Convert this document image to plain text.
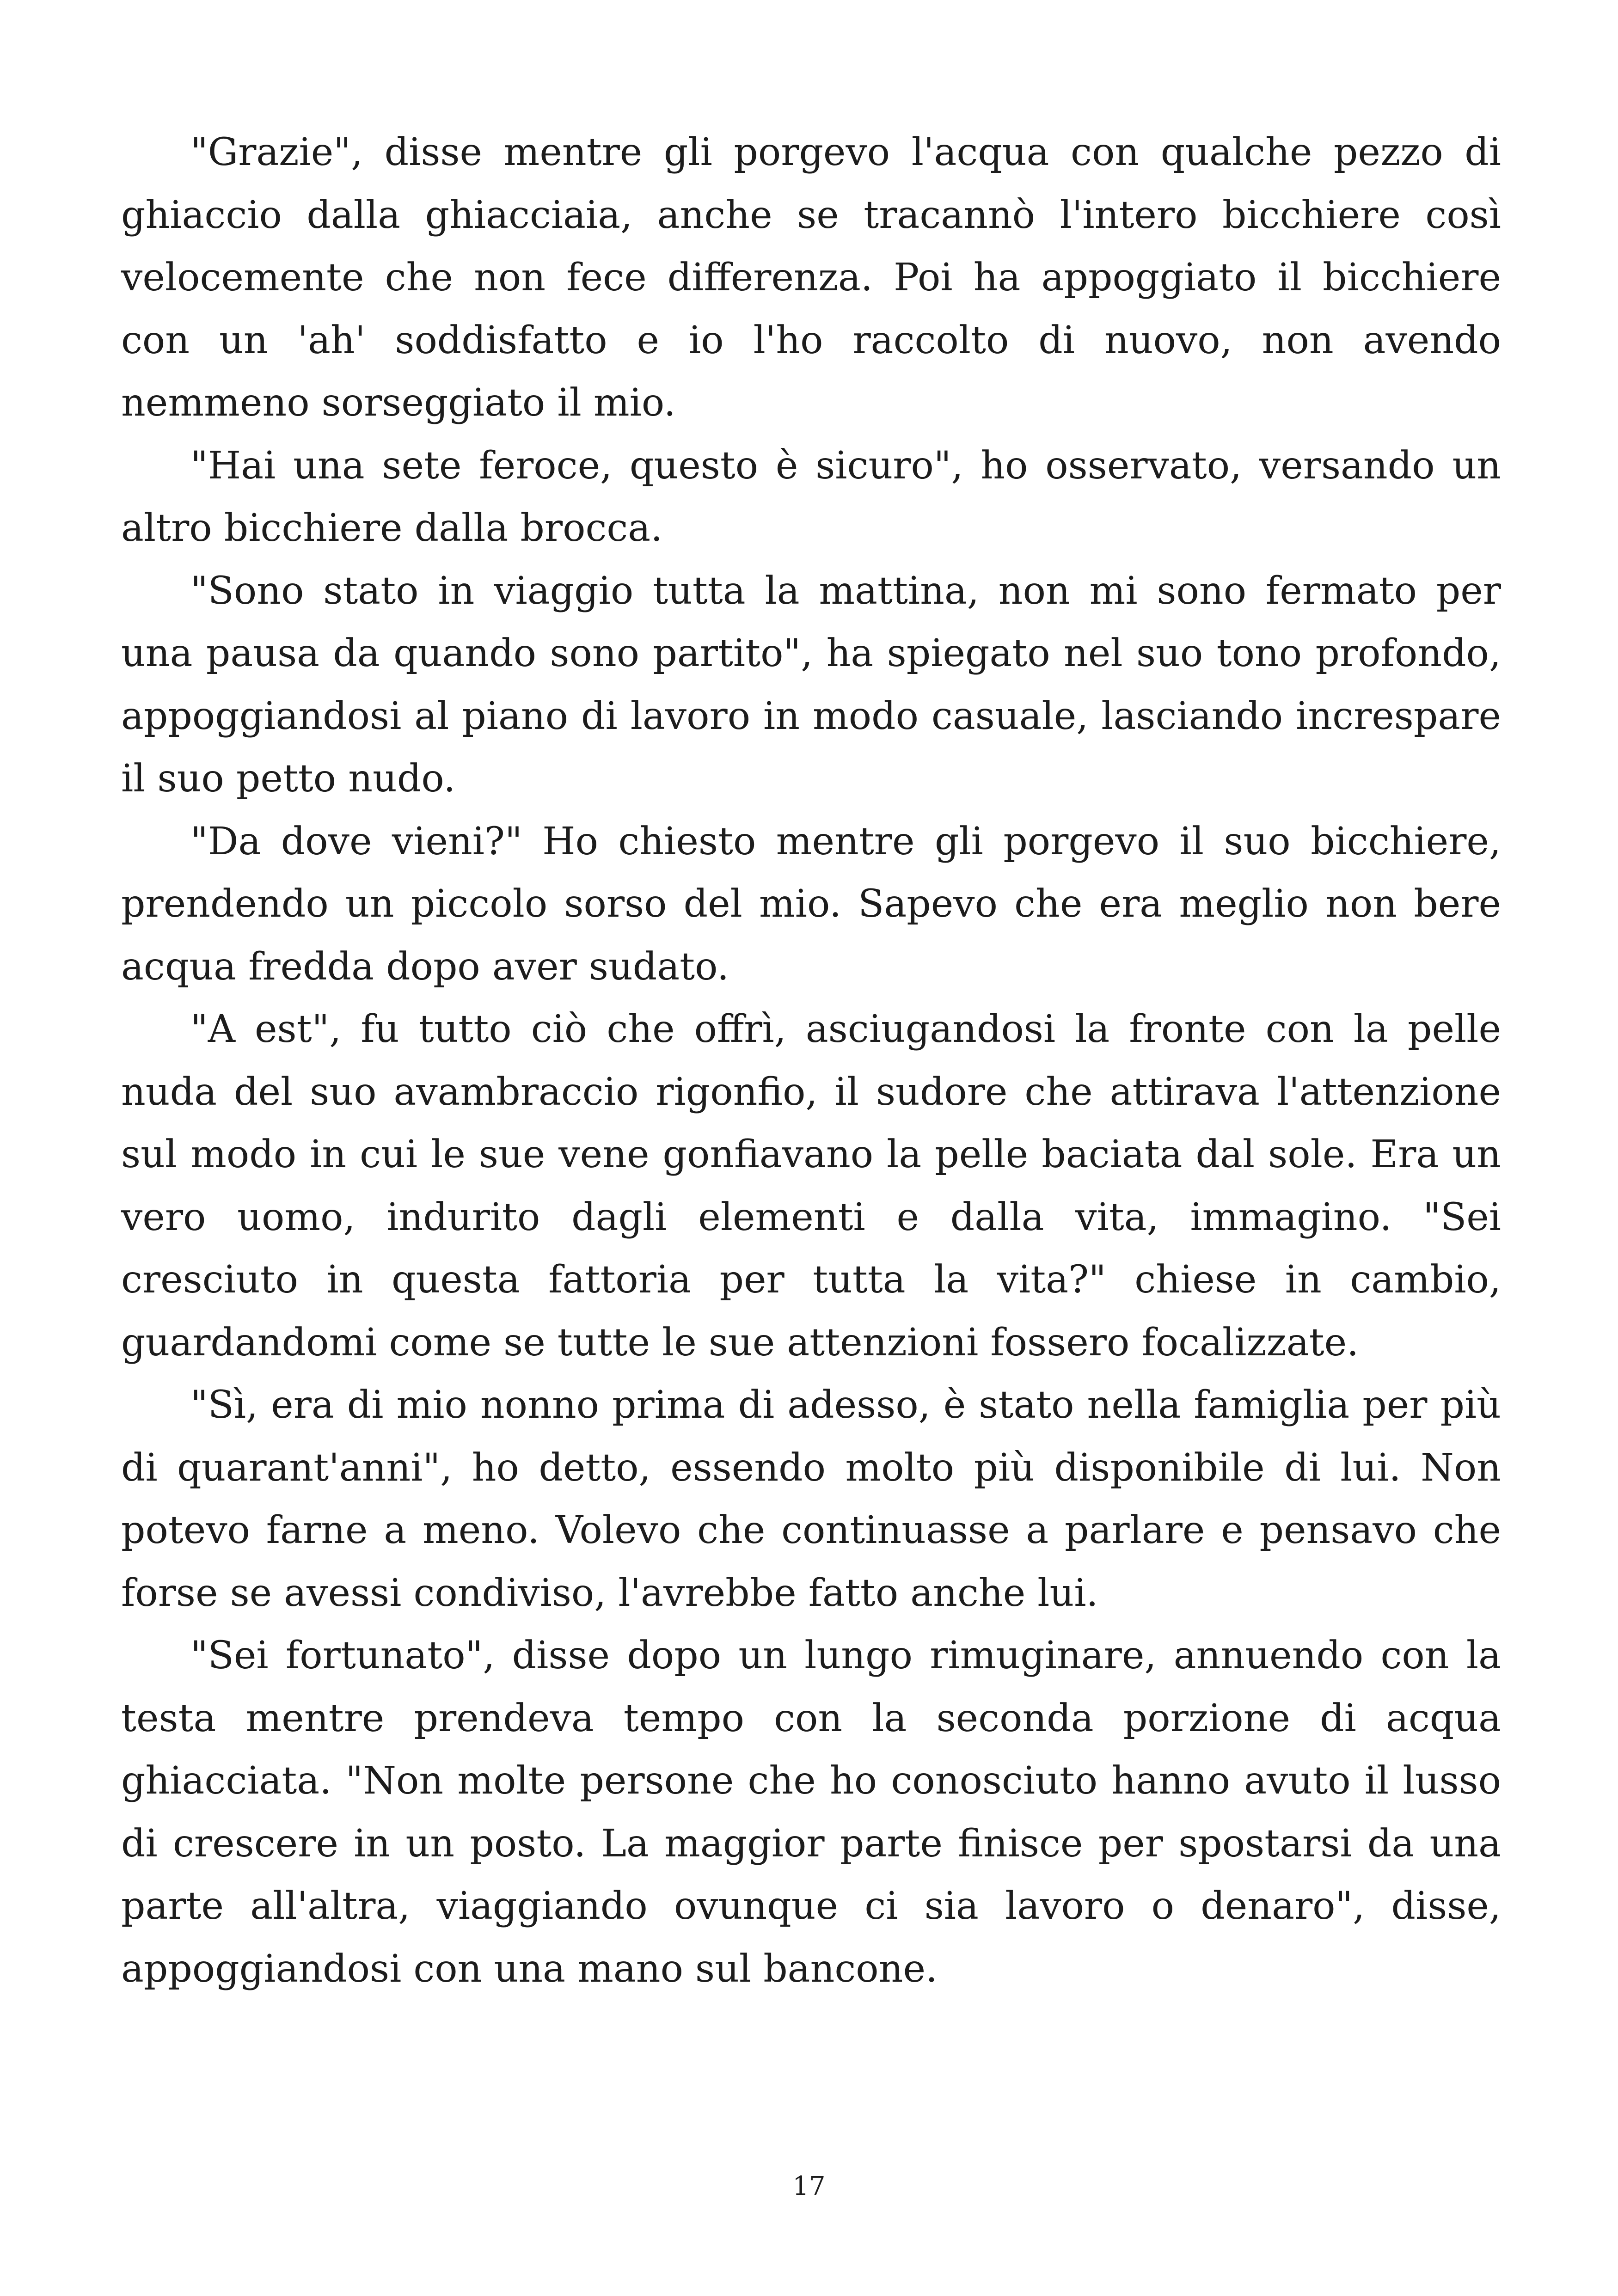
"Grazie", disse mentre gli porgevo l'acqua con qualche pezzo di ghiaccio dalla ghiacciaia, anche se tracannò l'intero bicchiere così velocemente che non fece differenza. Poi ha appoggiato il bicchiere con un 'ah' soddisfatto e io l'ho raccolto di nuovo, non avendo nemmeno sorseggiato il mio.

"Hai una sete feroce, questo è sicuro", ho osservato, versando un altro bicchiere dalla brocca.

"Sono stato in viaggio tutta la mattina, non mi sono fermato per una pausa da quando sono partito", ha spiegato nel suo tono profondo, appoggiandosi al piano di lavoro in modo casuale, lasciando increspare il suo petto nudo.

"Da dove vieni?" Ho chiesto mentre gli porgevo il suo bicchiere, prendendo un piccolo sorso del mio. Sapevo che era meglio non bere acqua fredda dopo aver sudato.

"A est", fu tutto ciò che offrì, asciugandosi la fronte con la pelle nuda del suo avambraccio rigonfio, il sudore che attirava l'attenzione sul modo in cui le sue vene gonfiavano la pelle baciata dal sole. Era un vero uomo, indurito dagli elementi e dalla vita, immagino. "Sei cresciuto in questa fattoria per tutta la vita?" chiese in cambio, guardandomi come se tutte le sue attenzioni fossero focalizzate.

"Sì, era di mio nonno prima di adesso, è stato nella famiglia per più di quarant'anni", ho detto, essendo molto più disponibile di lui. Non potevo farne a meno. Volevo che continuasse a parlare e pensavo che forse se avessi condiviso, l'avrebbe fatto anche lui.

"Sei fortunato", disse dopo un lungo rimuginare, annuendo con la testa mentre prendeva tempo con la seconda porzione di acqua ghiacciata. "Non molte persone che ho conosciuto hanno avuto il lusso di crescere in un posto. La maggior parte finisce per spostarsi da una parte all'altra, viaggiando ovunque ci sia lavoro o denaro", disse, appoggiandosi con una mano sul bancone.

17
